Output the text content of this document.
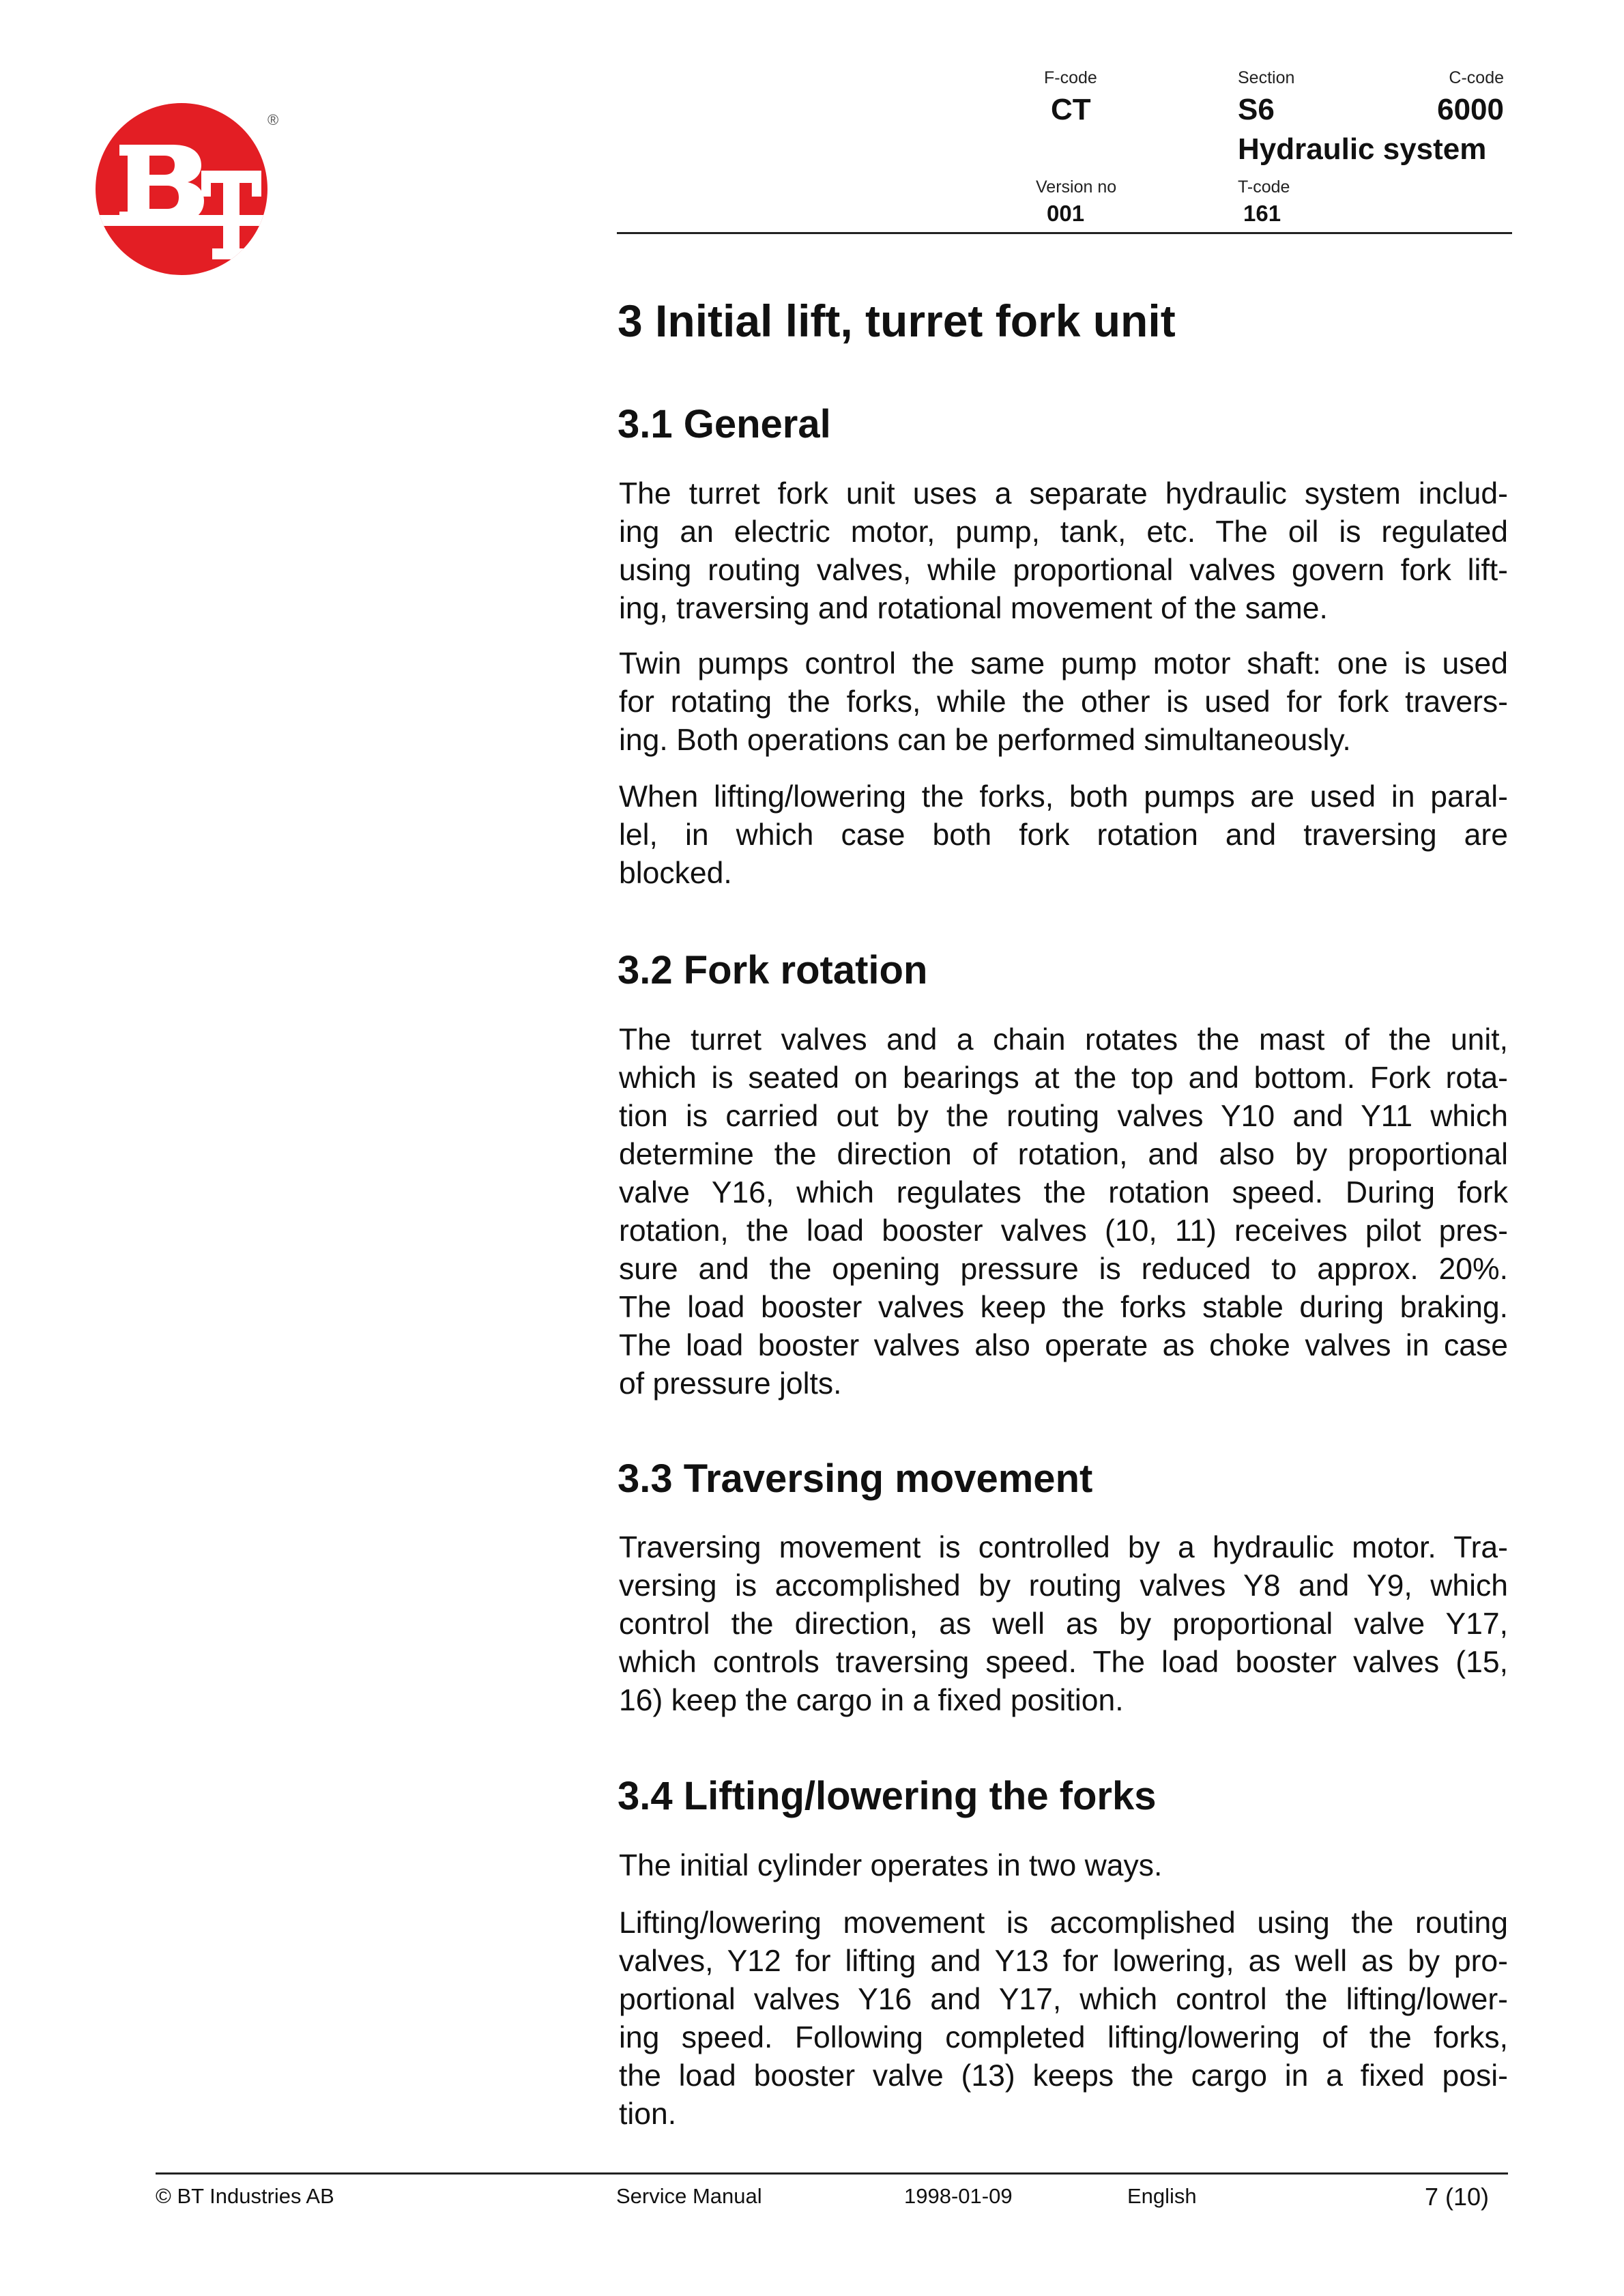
®
F-code
CT
Section
S6
Hydraulic system
C-code
6000
Version no
001
T-code
161
3 Initial lift, turret fork unit
3.1 General
The turret fork unit uses a separate hydraulic system includ-
ing an electric motor, pump, tank, etc. The oil is regulated
using routing valves, while proportional valves govern fork lift-
ing, traversing and rotational movement of the same.
Twin pumps control the same pump motor shaft: one is used
for rotating the forks, while the other is used for fork travers-
ing. Both operations can be performed simultaneously.
When lifting/lowering the forks, both pumps are used in paral-
lel, in which case both fork rotation and traversing are
blocked.
3.2 Fork rotation
The turret valves and a chain rotates the mast of the unit,
which is seated on bearings at the top and bottom. Fork rota-
tion is carried out by the routing valves Y10 and Y11 which
determine the direction of rotation, and also by proportional
valve Y16, which regulates the rotation speed. During fork
rotation, the load booster valves (10, 11) receives pilot pres-
sure and the opening pressure is reduced to approx. 20%.
The load booster valves keep the forks stable during braking.
The load booster valves also operate as choke valves in case
of pressure jolts.
3.3 Traversing movement
Traversing movement is controlled by a hydraulic motor. Tra-
versing is accomplished by routing valves Y8 and Y9, which
control the direction, as well as by proportional valve Y17,
which controls traversing speed. The load booster valves (15,
16) keep the cargo in a fixed position.
3.4 Lifting/lowering the forks
The initial cylinder operates in two ways.
Lifting/lowering movement is accomplished using the routing
valves, Y12 for lifting and Y13 for lowering, as well as by pro-
portional valves Y16 and Y17, which control the lifting/lower-
ing speed. Following completed lifting/lowering of the forks,
the load booster valve (13) keeps the cargo in a fixed posi-
tion.
© BT Industries AB	Service Manual	1998-01-09	English	7 (10)
